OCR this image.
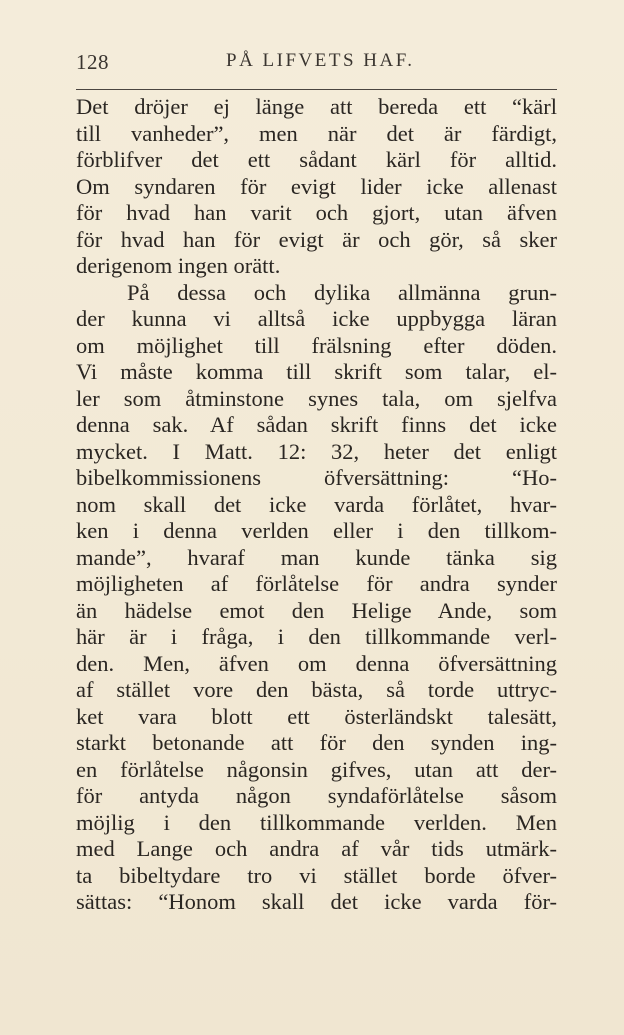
128	PÅ LIFVETS HAF.
Det dröjer ej länge att bereda ett “kärl
till vanheder”, men när det är färdigt,
förblifver det ett sådant kärl för alltid.
Om syndaren för evigt lider icke allenast
för hvad han varit och gjort, utan äfven
för hvad han för evigt är och gör, så sker
derigenom ingen orätt.
På dessa och dylika allmänna grun-
der kunna vi alltså icke uppbygga läran
om möjlighet till frälsning efter döden.
Vi måste komma till skrift som talar, el-
ler som åtminstone synes tala, om sjelfva
denna sak. Af sådan skrift finns det icke
mycket. I Matt. 12: 32, heter det enligt
bibelkommissionens öfversättning: “Ho-
nom skall det icke varda förlåtet, hvar-
ken i denna verlden eller i den tillkom-
mande”, hvaraf man kunde tänka sig
möjligheten af förlåtelse för andra synder
än hädelse emot den Helige Ande, som
här är i fråga, i den tillkommande verl-
den. Men, äfven om denna öfversättning
af stället vore den bästa, så torde uttryc-
ket vara blott ett österländskt talesätt,
starkt betonande att för den synden ing-
en förlåtelse någonsin gifves, utan att der-
för antyda någon syndaförlåtelse såsom
möjlig i den tillkommande verlden. Men
med Lange och andra af vår tids utmärk-
ta bibeltydare tro vi stället borde öfver-
sättas: “Honom skall det icke varda för-
